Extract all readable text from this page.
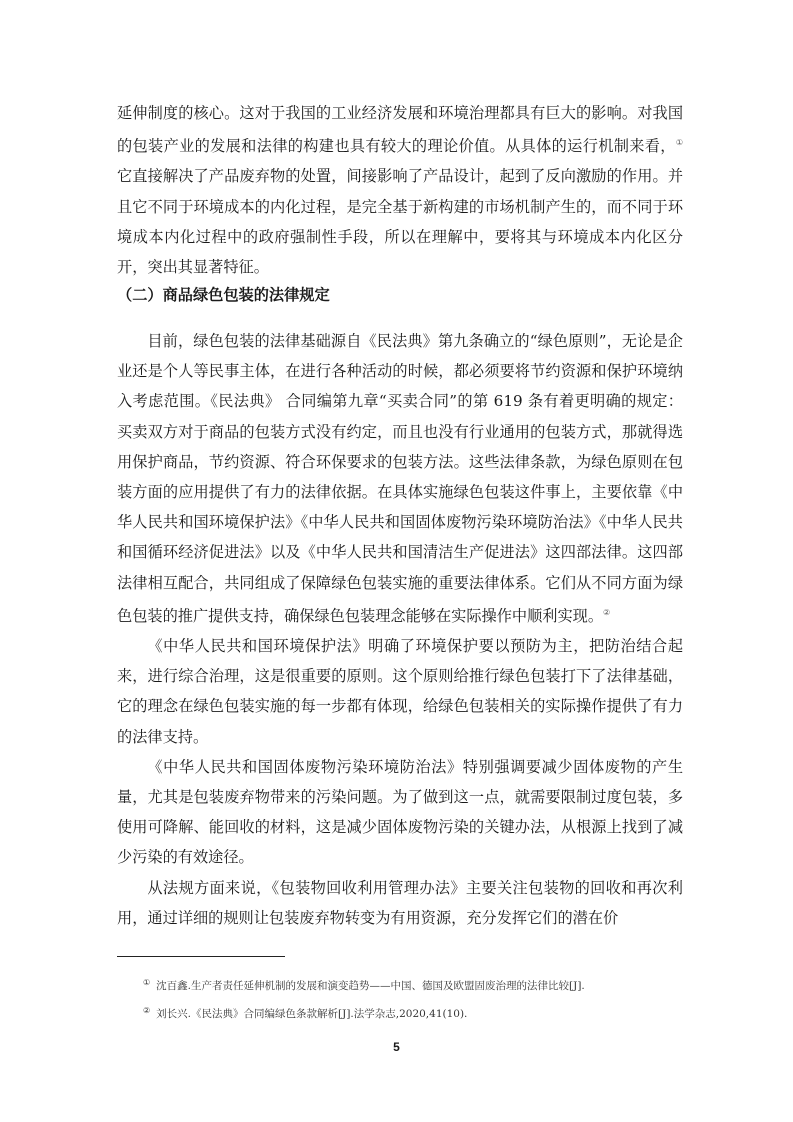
延伸制度的核心。这对于我国的工业经济发展和环境治理都具有巨大的影响。对我国的包装产业的发展和法律的构建也具有较大的理论价值。从具体的运行机制来看，①它直接解决了产品废弃物的处置，间接影响了产品设计，起到了反向激励的作用。并且它不同于环境成本的内化过程，是完全基于新构建的市场机制产生的，而不同于环境成本内化过程中的政府强制性手段，所以在理解中，要将其与环境成本内化区分开，突出其显著特征。

（二）商品绿色包装的法律规定

目前，绿色包装的法律基础源自《民法典》第九条确立的“绿色原则”，无论是企业还是个人等民事主体，在进行各种活动的时候，都必须要将节约资源和保护环境纳入考虑范围。《民法典》 合同编第九章“买卖合同”的第 619 条有着更明确的规定：买卖双方对于商品的包装方式没有约定，而且也没有行业通用的包装方式，那就得选用保护商品，节约资源、符合环保要求的包装方法。这些法律条款，为绿色原则在包装方面的应用提供了有力的法律依据。在具体实施绿色包装这件事上，主要依靠《中华人民共和国环境保护法》《中华人民共和国固体废物污染环境防治法》《中华人民共和国循环经济促进法》以及《中华人民共和国清洁生产促进法》这四部法律。这四部法律相互配合，共同组成了保障绿色包装实施的重要法律体系。它们从不同方面为绿色包装的推广提供支持，确保绿色包装理念能够在实际操作中顺利实现。②

《中华人民共和国环境保护法》明确了环境保护要以预防为主，把防治结合起来，进行综合治理，这是很重要的原则。这个原则给推行绿色包装打下了法律基础，它的理念在绿色包装实施的每一步都有体现，给绿色包装相关的实际操作提供了有力的法律支持。

《中华人民共和国固体废物污染环境防治法》特别强调要减少固体废物的产生量，尤其是包装废弃物带来的污染问题。为了做到这一点，就需要限制过度包装，多使用可降解、能回收的材料，这是减少固体废物污染的关键办法，从根源上找到了减少污染的有效途径。

从法规方面来说，《包装物回收利用管理办法》主要关注包装物的回收和再次利用，通过详细的规则让包装废弃物转变为有用资源，充分发挥它们的潜在价

① 沈百鑫.生产者责任延伸机制的发展和演变趋势——中国、德国及欧盟固废治理的法律比较[J].

② 刘长兴.《民法典》合同编绿色条款解析[J].法学杂志,2020,41(10).

5
